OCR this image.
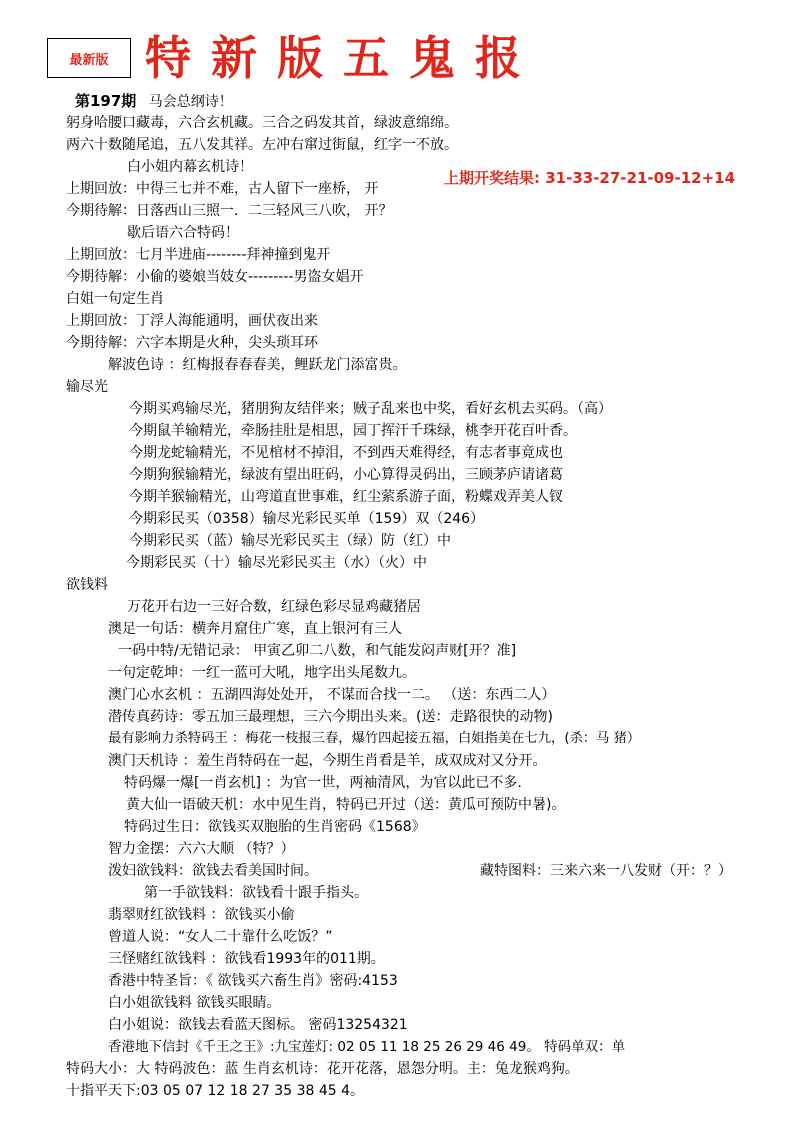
最新版 特新版五鬼报
第197期 马会总纲诗！
上期开奖结果: 31-33-27-21-09-12+14
躬身哈腰口藏毒，六合玄机藏。三合之码发其首，绿波意绵绵。
两六十数随尾追，五八发其祥。左冲右窜过街鼠，红字一不放。
白小姐内幕玄机诗！
上期回放：中得三七并不难，古人留下一座桥， 开
今期待解：日落西山三照一．二三轻风三八吹， 开？
歇后语六合特码！
上期回放：七月半进庙--------拜神撞到鬼开
今期待解：小偷的婆娘当妓女---------男盗女娼开
白姐一句定生肖
上期回放：丁浮人海能通明，画伏夜出来
今期待解：六字本期是火种，尖头琐耳环
解波色诗 ：红梅报春春春美，鲤跃龙门添富贵。
输尽光
今期买鸡输尽光，猪朋狗友结伴来；贼子乱来也中奖，看好玄机去买码。（高）
今期鼠羊输精光，牵肠挂肚是相思，园丁挥汗千珠绿，桃李开花百叶香。
今期龙蛇输精光，不见棺材不掉泪，不到西天难得经，有志者事竟成也
今期狗猴输精光，绿波有望出旺码，小心算得灵码出，三顾茅庐请诸葛
今期羊猴输精光，山弯道直世事难，红尘萦系游子面，粉蝶戏弄美人钗
今期彩民买（0358）输尽光彩民买单（159）双（246）
今期彩民买（蓝）输尽光彩民买主（绿）防（红）中
今期彩民买（十）输尽光彩民买主（水）（火）中
欲钱料
万花开右边一三好合数，红绿色彩尽显鸡藏猪居
澳足一句话：横奔月窟住广寒，直上银河有三人
一码中特/无错记录： 甲寅乙卯二八数，和气能发闷声财[开？准]
一句定乾坤：一红一蓝可大吼，地字出头尾数九。
澳门心水玄机 ：五湖四海处处开， 不谋而合找一二。 （送：东西二人）
潜传真药诗：零五加三最理想，三六今期出头来。(送：走路很快的动物)
最有影响力杀特码王 ：梅花一枝报三春，爆竹四起接五福，白姐指美在七九，(杀：马 猪）
澳门天机诗 ：羞生肖特码在一起，今期生肖看是羊，成双成对又分开。
特码爆一爆[一肖玄机] ：为官一世，两袖清风，为官以此已不多.
黄大仙一语破天机：水中见生肖，特码已开过（送：黄瓜可预防中暑)。
特码过生日：欲钱买双胞胎的生肖密码《1568》
智力金摆：六六大顺 （特？）
泼妇欲钱料：欲钱去看美国时间。	藏特图料：三来六来一八发财（开：？）
第一手欲钱料：欲钱看十跟手指头。
翡翠财红欲钱料 ：欲钱买小偷
曾道人说：“女人二十靠什么吃饭？”
三怪赌红欲钱料 ：欲钱看1993年的011期。
香港中特圣旨：《 欲钱买六畜生肖》密码:4153
白小姐欲钱料 欲钱买眼睛。
白小姐说：欲钱去看蓝天图标。 密码13254321
香港地下信封《千王之王》:九宝莲灯: 02 05 11 18 25 26 29 46 49。 特码单双：单
特码大小：大 特码波色：蓝 生肖玄机诗：花开花落，恩怨分明。主：兔龙猴鸡狗。
十指平天下:03 05 07 12 18 27 35 38 45 4。
